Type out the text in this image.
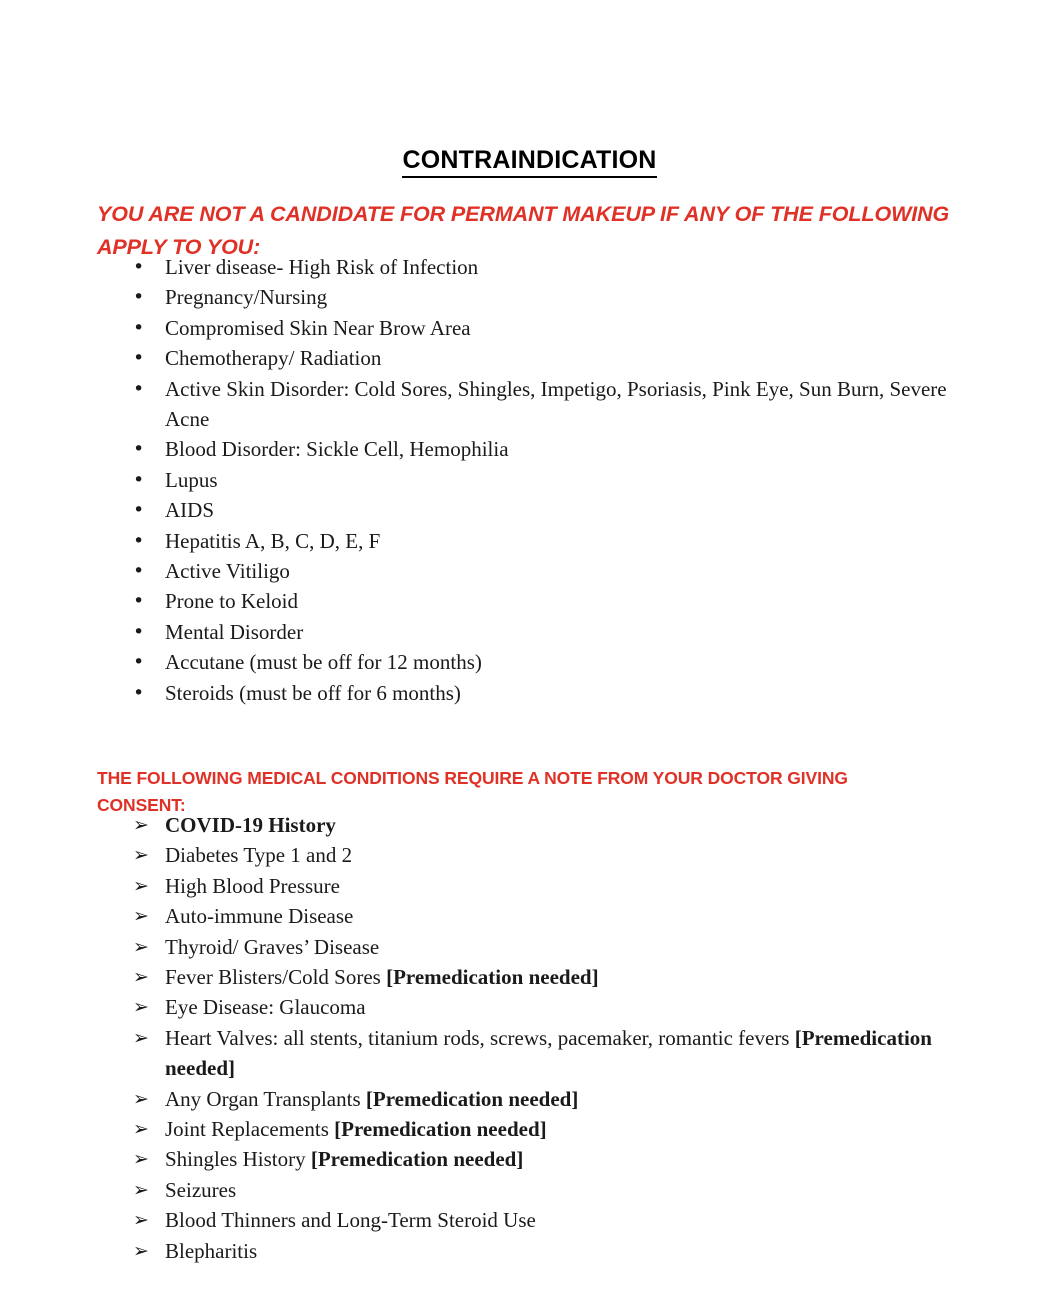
CONTRAINDICATION

YOU ARE NOT A CANDIDATE FOR PERMANT MAKEUP IF ANY OF THE FOLLOWING APPLY TO YOU:

• Liver disease- High Risk of Infection
• Pregnancy/Nursing
• Compromised Skin Near Brow Area
• Chemotherapy/ Radiation
• Active Skin Disorder: Cold Sores, Shingles, Impetigo, Psoriasis, Pink Eye, Sun Burn, Severe Acne
• Blood Disorder: Sickle Cell, Hemophilia
• Lupus
• AIDS
• Hepatitis A, B, C, D, E, F
• Active Vitiligo
• Prone to Keloid
• Mental Disorder
• Accutane (must be off for 12 months)
• Steroids (must be off for 6 months)

THE FOLLOWING MEDICAL CONDITIONS REQUIRE A NOTE FROM YOUR DOCTOR GIVING CONSENT:

➢ COVID-19 History
➢ Diabetes Type 1 and 2
➢ High Blood Pressure
➢ Auto-immune Disease
➢ Thyroid/ Graves’ Disease
➢ Fever Blisters/Cold Sores [Premedication needed]
➢ Eye Disease: Glaucoma
➢ Heart Valves: all stents, titanium rods, screws, pacemaker, romantic fevers [Premedication needed]
➢ Any Organ Transplants [Premedication needed]
➢ Joint Replacements [Premedication needed]
➢ Shingles History [Premedication needed]
➢ Seizures
➢ Blood Thinners and Long-Term Steroid Use
➢ Blepharitis
